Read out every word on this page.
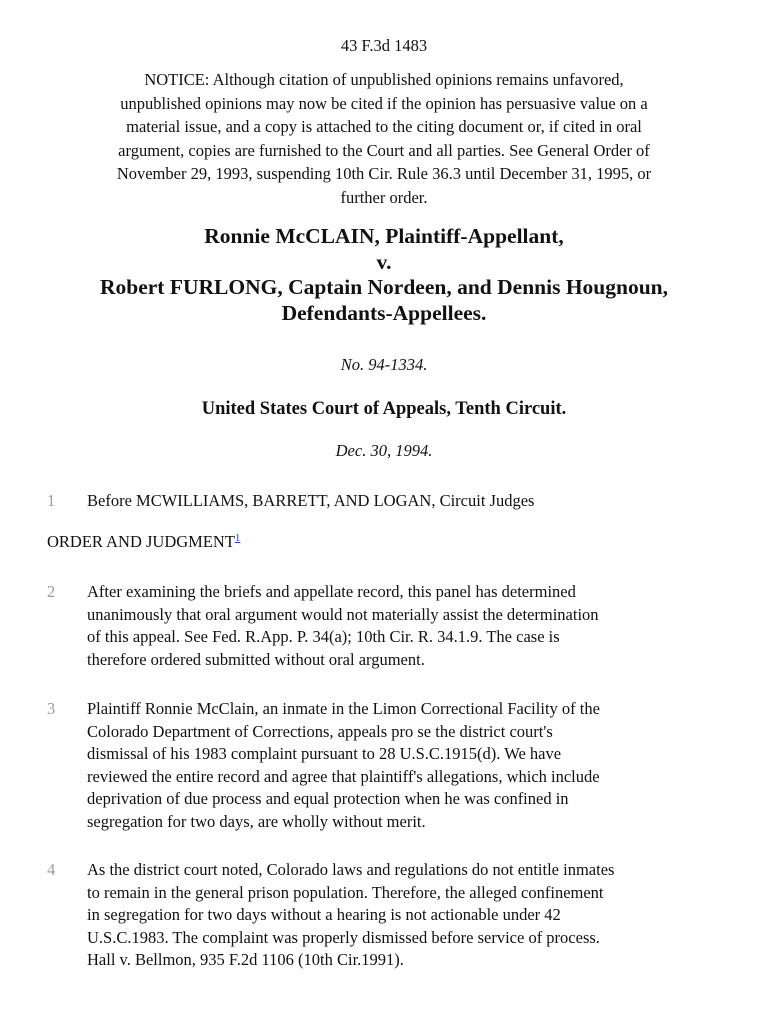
43 F.3d 1483
NOTICE: Although citation of unpublished opinions remains unfavored,
unpublished opinions may now be cited if the opinion has persuasive value on a
material issue, and a copy is attached to the citing document or, if cited in oral
argument, copies are furnished to the Court and all parties. See General Order of
November 29, 1993, suspending 10th Cir. Rule 36.3 until December 31, 1995, or
further order.
Ronnie McCLAIN, Plaintiff-Appellant,
v.
Robert FURLONG, Captain Nordeen, and Dennis Hougnoun,
Defendants-Appellees.
No. 94-1334.
United States Court of Appeals, Tenth Circuit.
Dec. 30, 1994.
1 Before MCWILLIAMS, BARRETT, AND LOGAN, Circuit Judges
ORDER AND JUDGMENT$^1$
2 After examining the briefs and appellate record, this panel has determined
unanimously that oral argument would not materially assist the determination
of this appeal. See Fed. R.App. P. 34(a); 10th Cir. R. 34.1.9. The case is
therefore ordered submitted without oral argument.
3 Plaintiff Ronnie McClain, an inmate in the Limon Correctional Facility of the
Colorado Department of Corrections, appeals pro se the district court's
dismissal of his 1983 complaint pursuant to 28 U.S.C.1915(d). We have
reviewed the entire record and agree that plaintiff's allegations, which include
deprivation of due process and equal protection when he was confined in
segregation for two days, are wholly without merit.
4 As the district court noted, Colorado laws and regulations do not entitle inmates
to remain in the general prison population. Therefore, the alleged confinement
in segregation for two days without a hearing is not actionable under 42
U.S.C.1983. The complaint was properly dismissed before service of process.
Hall v. Bellmon, 935 F.2d 1106 (10th Cir.1991).
